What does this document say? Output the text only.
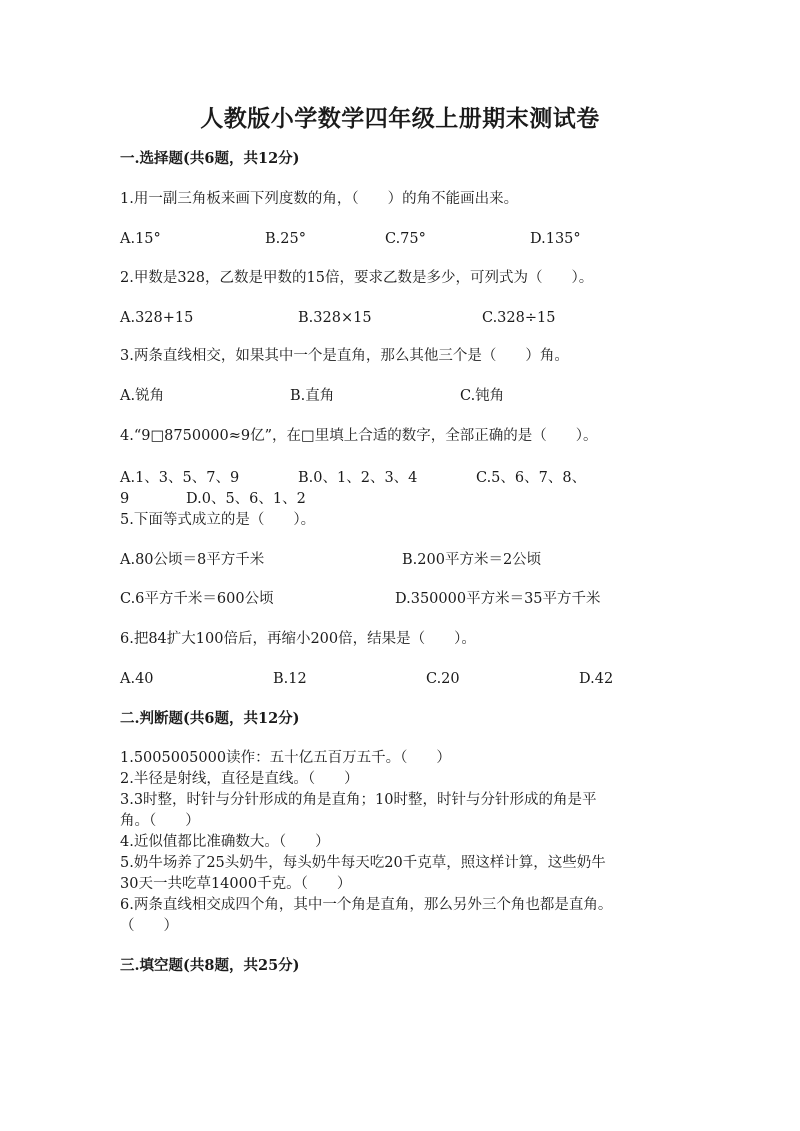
人教版小学数学四年级上册期末测试卷
一.选择题(共6题，共12分)
1.用一副三角板来画下列度数的角，（　　）的角不能画出来。
A.15°	B.25°	C.75°	D.135°
2.甲数是328，乙数是甲数的15倍，要求乙数是多少，可列式为（　　）。
A.328+15	B.328×15	C.328÷15
3.两条直线相交，如果其中一个是直角，那么其他三个是（　　）角。
A.锐角	B.直角	C.钝角
4.“9□8750000≈9亿”，在□里填上合适的数字，全部正确的是（　　）。
A.1、3、5、7、9	B.0、1、2、3、4	C.5、6、7、8、
9	D.0、5、6、1、2
5.下面等式成立的是（　　）。
A.80公顷＝8平方千米	B.200平方米＝2公顷
C.6平方千米＝600公顷	D.350000平方米＝35平方千米
6.把84扩大100倍后，再缩小200倍，结果是（　　）。
A.40	B.12	C.20	D.42
二.判断题(共6题，共12分)
1.5005005000读作：五十亿五百万五千。（　　）
2.半径是射线，直径是直线。（　　）
3.3时整，时针与分针形成的角是直角；10时整，时针与分针形成的角是平
角。（　　）
4.近似值都比准确数大。（　　）
5.奶牛场养了25头奶牛，每头奶牛每天吃20千克草，照这样计算，这些奶牛
30天一共吃草14000千克。（　　）
6.两条直线相交成四个角，其中一个角是直角，那么另外三个角也都是直角。
（　　）
三.填空题(共8题，共25分)
